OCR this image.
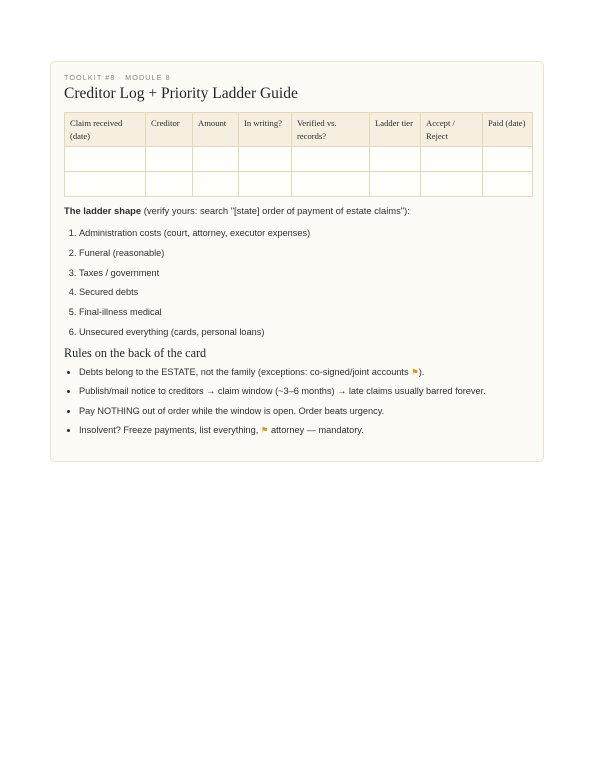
TOOLKIT #8 · MODULE 8
Creditor Log + Priority Ladder Guide
Claim received (date)	Creditor	Amount	In writing?	Verified vs. records?	Ladder tier	Accept / Reject	Paid (date)

The ladder shape (verify yours: search "[state] order of payment of estate claims"):
1. Administration costs (court, attorney, executor expenses)
2. Funeral (reasonable)
3. Taxes / government
4. Secured debts
5. Final-illness medical
6. Unsecured everything (cards, personal loans)
Rules on the back of the card
• Debts belong to the ESTATE, not the family (exceptions: co-signed/joint accounts ⚑).
• Publish/mail notice to creditors → claim window (~3–6 months) → late claims usually barred forever.
• Pay NOTHING out of order while the window is open. Order beats urgency.
• Insolvent? Freeze payments, list everything, ⚑ attorney — mandatory.
